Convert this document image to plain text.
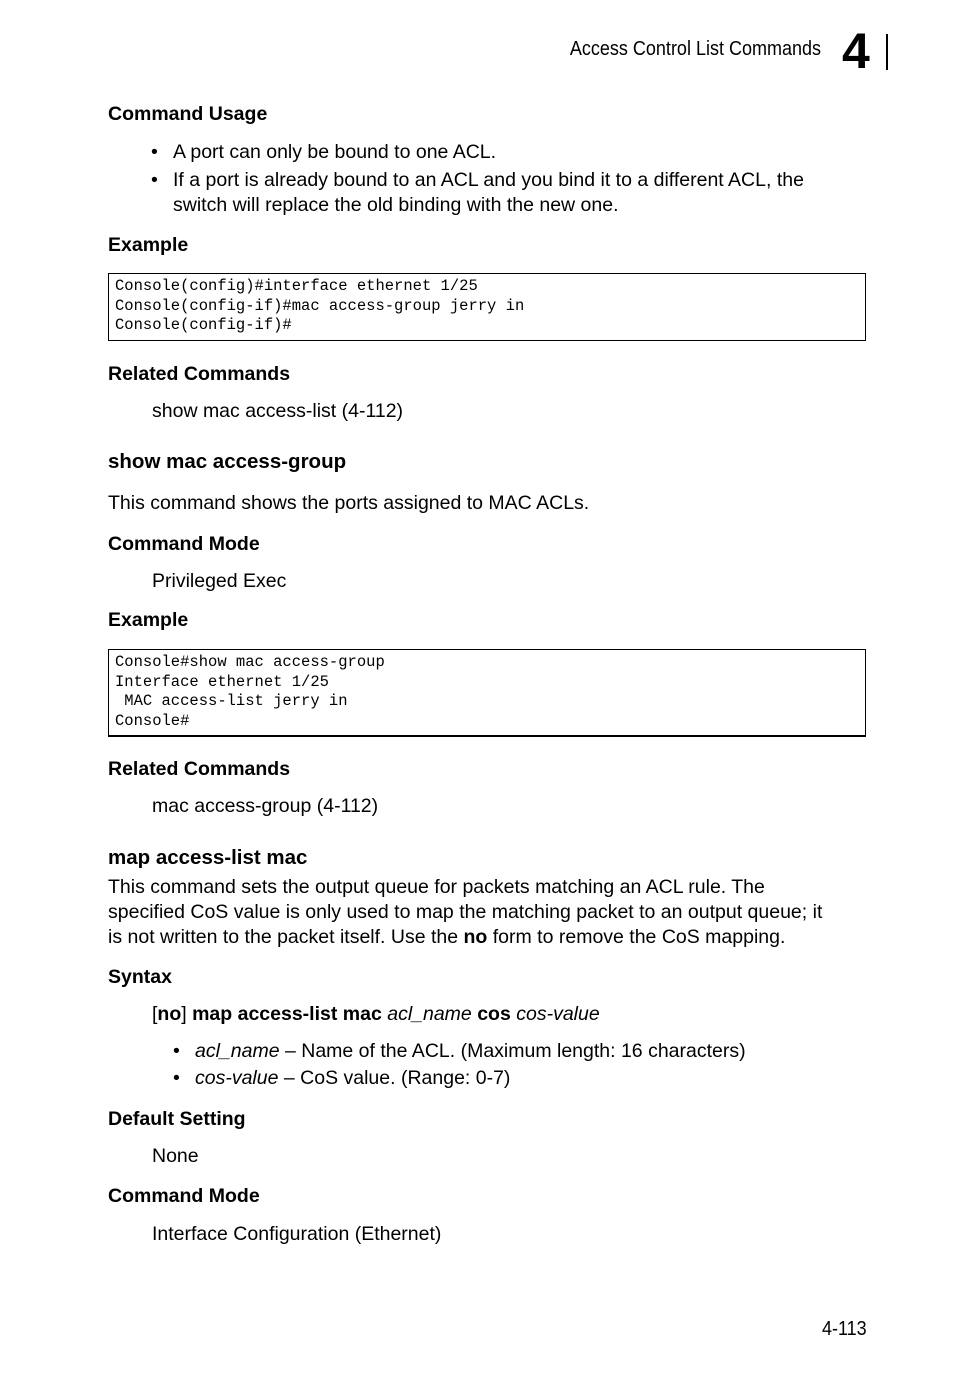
Access Control List Commands 4
Command Usage
• A port can only be bound to one ACL.
• If a port is already bound to an ACL and you bind it to a different ACL, the
switch will replace the old binding with the new one.
Example
Console(config)#interface ethernet 1/25
Console(config-if)#mac access-group jerry in
Console(config-if)#
Related Commands
show mac access-list (4-112)
show mac access-group
This command shows the ports assigned to MAC ACLs.
Command Mode
Privileged Exec
Example
Console#show mac access-group
Interface ethernet 1/25
MAC access-list jerry in
Console#
Related Commands
mac access-group (4-112)
map access-list mac
This command sets the output queue for packets matching an ACL rule. The
specified CoS value is only used to map the matching packet to an output queue; it
is not written to the packet itself. Use the no form to remove the CoS mapping.
Syntax
[no] map access-list mac acl_name cos cos-value
• acl_name – Name of the ACL. (Maximum length: 16 characters)
• cos-value – CoS value. (Range: 0-7)
Default Setting
None
Command Mode
Interface Configuration (Ethernet)
4-113
